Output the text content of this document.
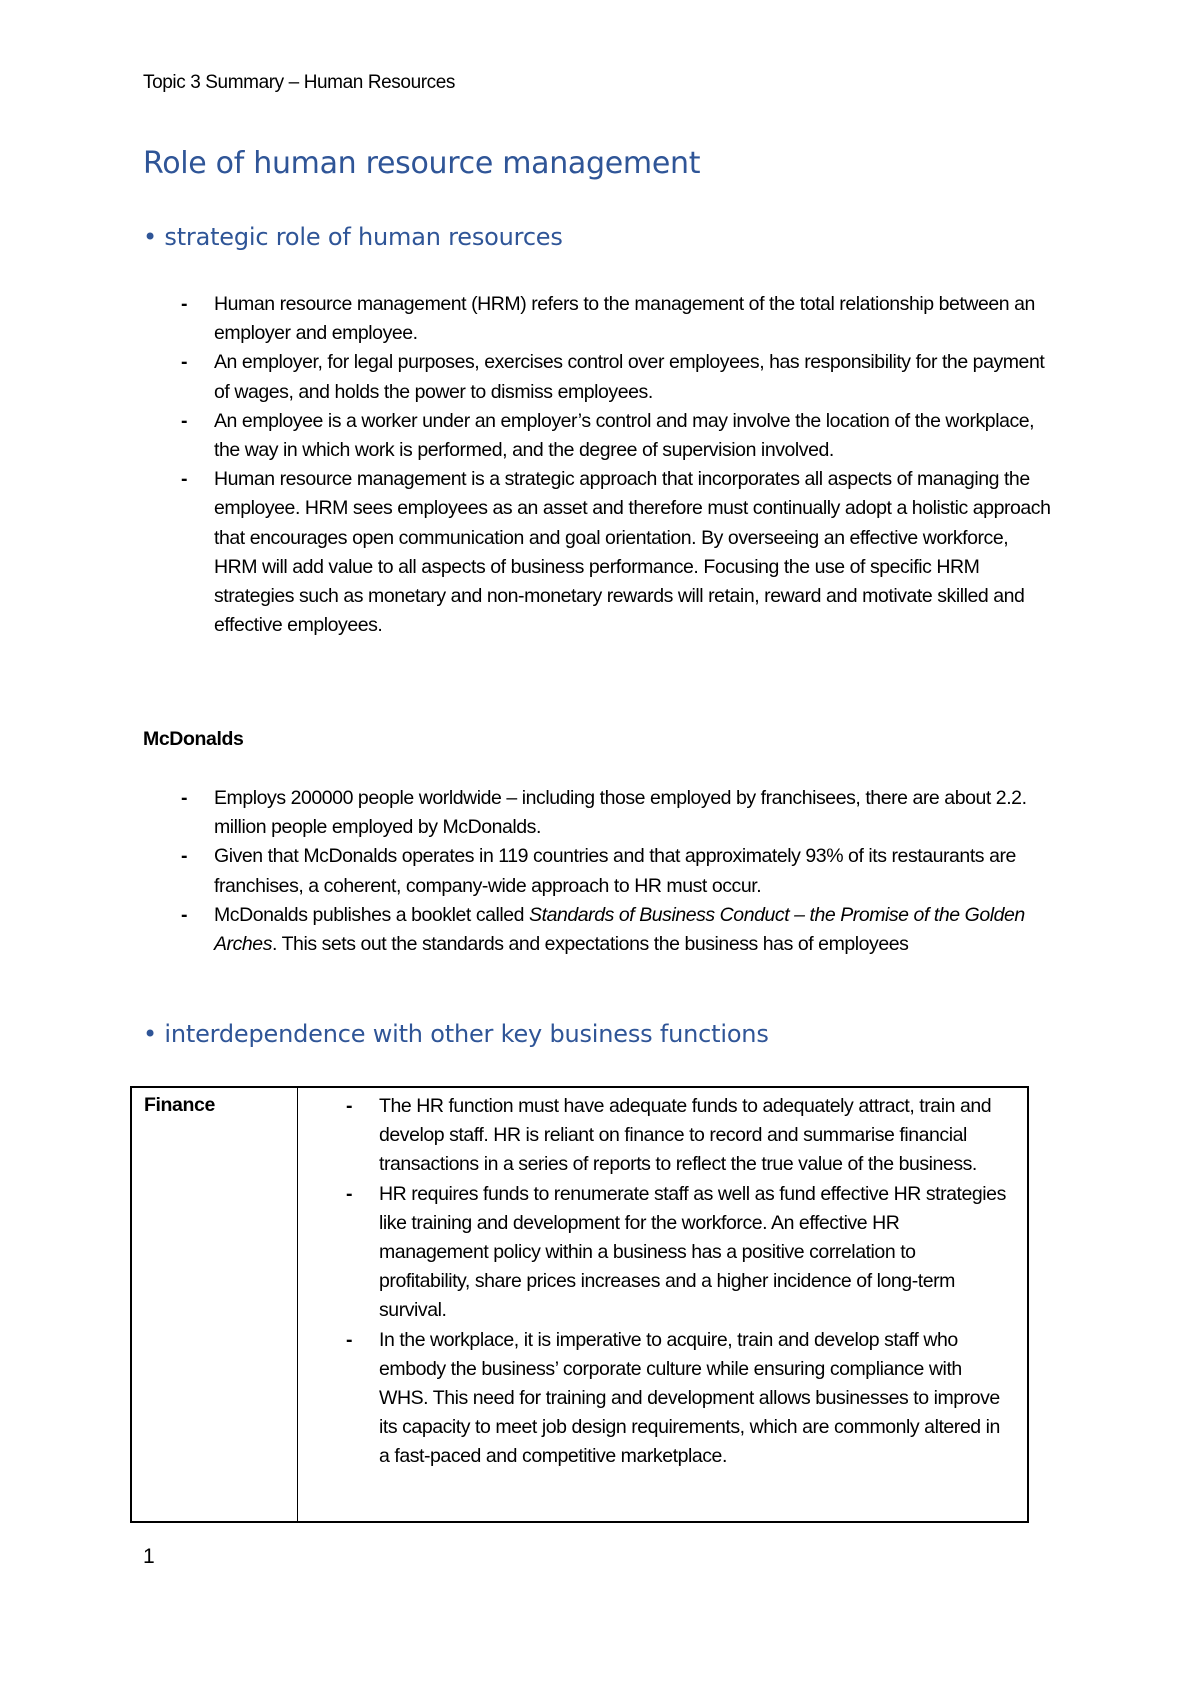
Topic 3 Summary – Human Resources
Role of human resource management
• strategic role of human resources
- Human resource management (HRM) refers to the management of the total relationship between an employer and employee.
- An employer, for legal purposes, exercises control over employees, has responsibility for the payment of wages, and holds the power to dismiss employees.
- An employee is a worker under an employer’s control and may involve the location of the workplace, the way in which work is performed, and the degree of supervision involved.
- Human resource management is a strategic approach that incorporates all aspects of managing the employee. HRM sees employees as an asset and therefore must continually adopt a holistic approach that encourages open communication and goal orientation. By overseeing an effective workforce, HRM will add value to all aspects of business performance. Focusing the use of specific HRM strategies such as monetary and non-monetary rewards will retain, reward and motivate skilled and effective employees.
McDonalds
- Employs 200000 people worldwide – including those employed by franchisees, there are about 2.2. million people employed by McDonalds.
- Given that McDonalds operates in 119 countries and that approximately 93% of its restaurants are franchises, a coherent, company-wide approach to HR must occur.
- McDonalds publishes a booklet called Standards of Business Conduct – the Promise of the Golden Arches. This sets out the standards and expectations the business has of employees
• interdependence with other key business functions
Finance	
-The HR function must have adequate funds to adequately attract, train and develop staff. HR is reliant on finance to record and summarise financial transactions in a series of reports to reflect the true value of the business.
- HR requires funds to renumerate staff as well as fund effective HR strategies like training and development for the workforce. An effective HR management policy within a business has a positive correlation to profitability, share prices increases and a higher incidence of long-term survival.
- In the workplace, it is imperative to acquire, train and develop staff who embody the business’ corporate culture while ensuring compliance with WHS. This need for training and development allows businesses to improve its capacity to meet job design requirements, which are commonly altered in a fast-paced and competitive marketplace.
1
